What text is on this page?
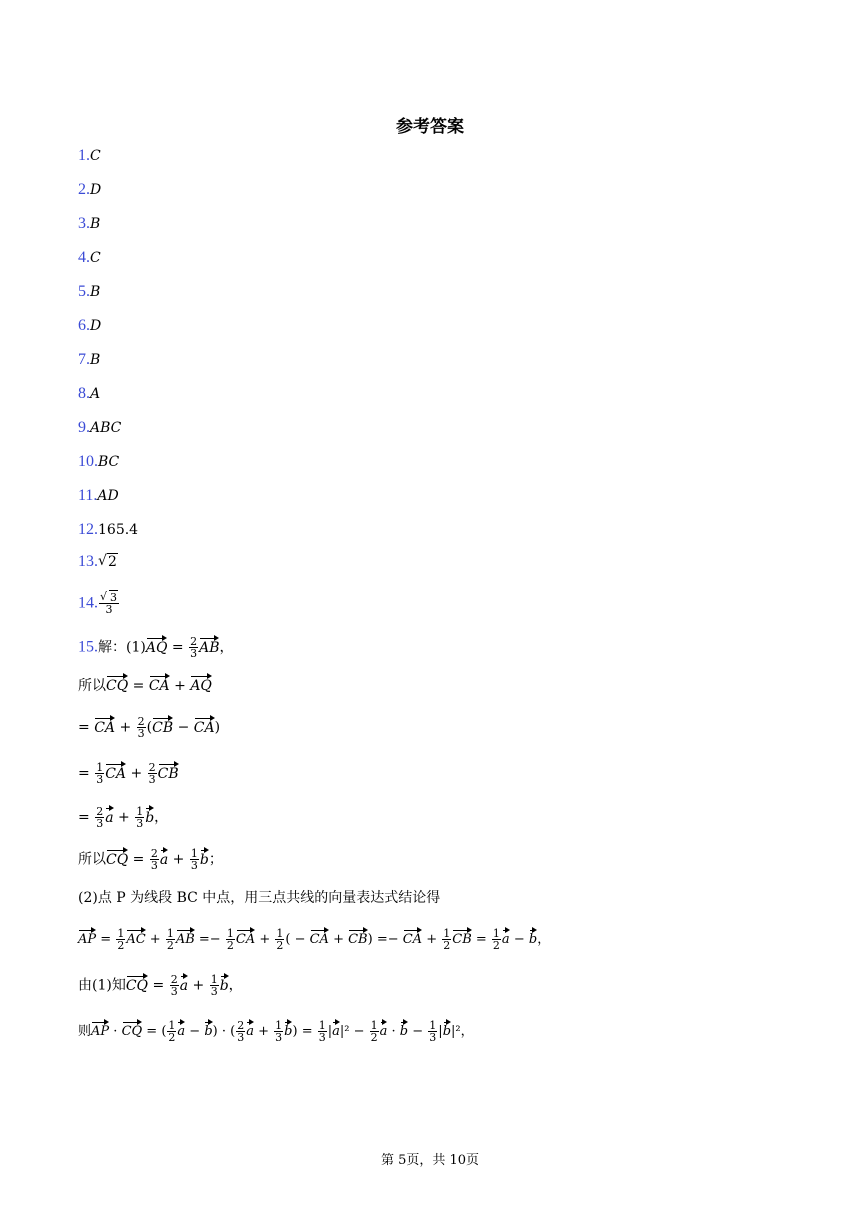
参考答案
1.C
2.D
3.B
4.C
5.B
6.D
7.B
8.A
9.ABC
10.BC
11.AD
12.165.4
13. √ 2
14. √ $\frac{3}{3}$
15.解：$(1)AQ = \frac{2}{3}$ AB，
所以CQ = CA + AQ
= CA + $\frac{2}{3} (CB - CA)$
= $\frac{1}{3}$ CA + $\frac{2}{3}$ CB
= $\frac{2}{3}$ $a + \frac{1}{3}$ b，
所以CQ = $\frac{2}{3}$ $a + \frac{1}{3}$ b；
(2)点 P 为线段 BC 中点，用三点共线的向量表达式结论得
AP = $\frac{1}{2}$ AC + $\frac{1}{2}$ AB =− $\frac{1}{2}$ CA + $\frac{1}{2}$ ( − CA + CB) =− CA + $\frac{1}{2}$ CB = $\frac{1}{2}$ a − b，
由(1)知CQ = $\frac{2}{3}$ $a + \frac{1}{3}$ b，
则AP · CQ = ( $\frac{1}{2}$ a − b) · ( $\frac{2}{3}$ $a + \frac{1}{3} b) = \frac{1}{3} |a|^2 - \frac{1}{2}$ $a \cdot b - \frac{1}{3} |b|^2$，
第 5页，共 10页
